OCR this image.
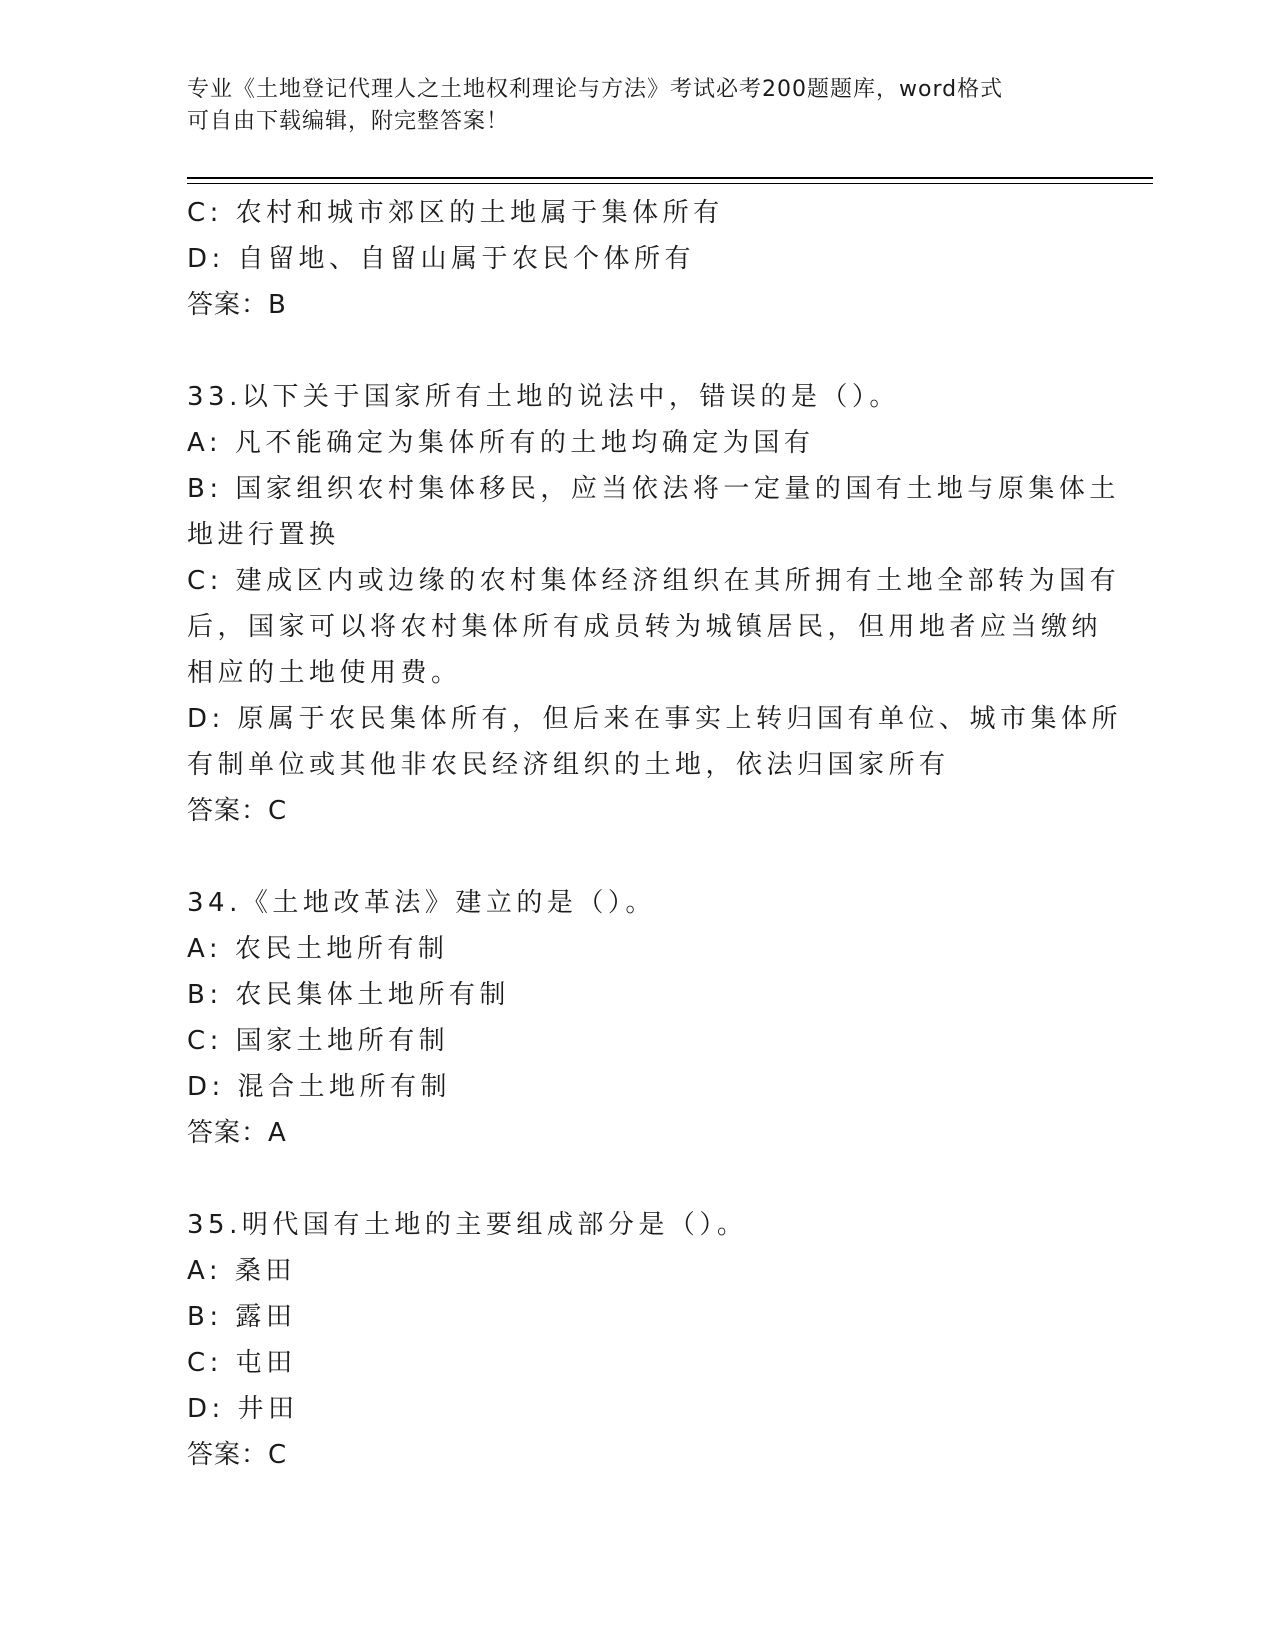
专业《土地登记代理人之土地权利理论与方法》考试必考200题题库，word格式
可自由下载编辑，附完整答案！
C: 农村和城市郊区的土地属于集体所有
D: 自留地、自留山属于农民个体所有
答案：B
33.以下关于国家所有土地的说法中，错误的是（）。
A: 凡不能确定为集体所有的土地均确定为国有
B: 国家组织农村集体移民，应当依法将一定量的国有土地与原集体土
地进行置换
C: 建成区内或边缘的农村集体经济组织在其所拥有土地全部转为国有
后，国家可以将农村集体所有成员转为城镇居民，但用地者应当缴纳
相应的土地使用费。
D: 原属于农民集体所有，但后来在事实上转归国有单位、城市集体所
有制单位或其他非农民经济组织的土地，依法归国家所有
答案：C
34.《土地改革法》建立的是（）。
A: 农民土地所有制
B: 农民集体土地所有制
C: 国家土地所有制
D: 混合土地所有制
答案：A
35.明代国有土地的主要组成部分是（）。
A: 桑田
B: 露田
C: 屯田
D: 井田
答案：C
